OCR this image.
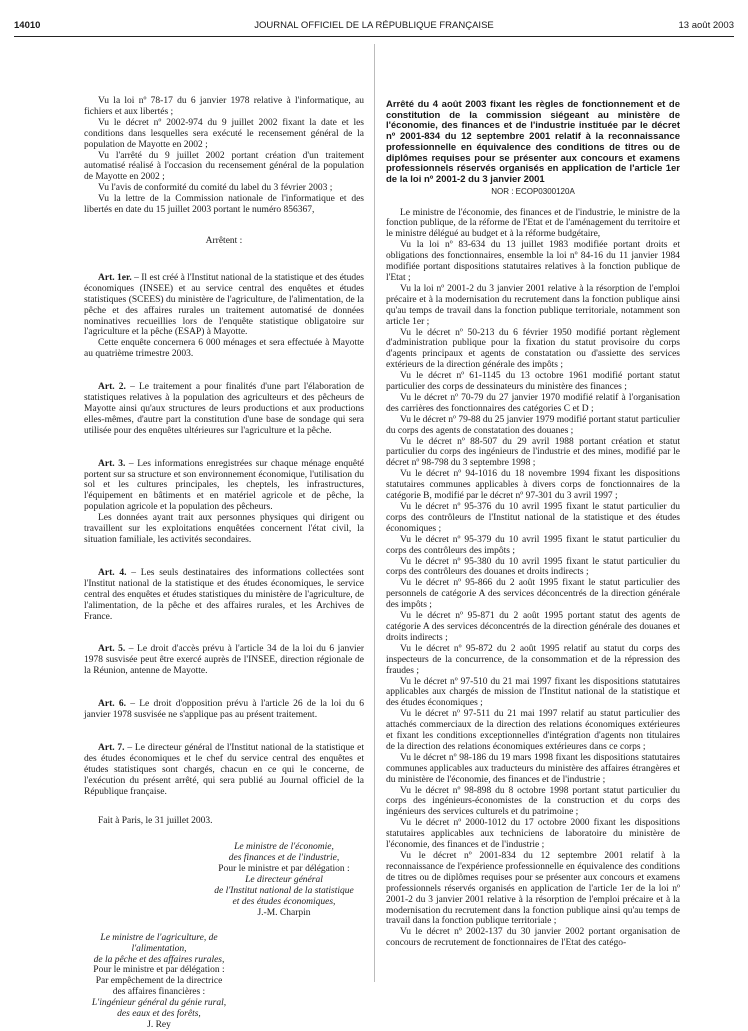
14010	JOURNAL OFFICIEL DE LA RÉPUBLIQUE FRANÇAISE	13 août 2003

Vu la loi nº 78-17 du 6 janvier 1978 relative à l'informatique, au fichiers et aux libertés ;

Vu le décret nº 2002-974 du 9 juillet 2002 fixant la date et les conditions dans lesquelles sera exécuté le recensement général de la population de Mayotte en 2002 ;

Vu l'arrêté du 9 juillet 2002 portant création d'un traitement automatisé réalisé à l'occasion du recensement général de la population de Mayotte en 2002 ;

Vu l'avis de conformité du comité du label du 3 février 2003 ;

Vu la lettre de la Commission nationale de l'informatique et des libertés en date du 15 juillet 2003 portant le numéro 856367,

Arrêtent :

Art. 1er. – Il est créé à l'Institut national de la statistique et des études économiques (INSEE) et au service central des enquêtes et études statistiques (SCEES) du ministère de l'agriculture, de l'alimentation, de la pêche et des affaires rurales un traitement automatisé de données nominatives recueillies lors de l'enquête statistique obligatoire sur l'agriculture et la pêche (ESAP) à Mayotte.

Cette enquête concernera 6 000 ménages et sera effectuée à Mayotte au quatrième trimestre 2003.

Art. 2. – Le traitement a pour finalités d'une part l'élaboration de statistiques relatives à la population des agriculteurs et des pêcheurs de Mayotte ainsi qu'aux structures de leurs productions et aux productions elles-mêmes, d'autre part la constitution d'une base de sondage qui sera utilisée pour des enquêtes ultérieures sur l'agriculture et la pêche.

Art. 3. – Les informations enregistrées sur chaque ménage enquêté portent sur sa structure et son environnement économique, l'utilisation du sol et les cultures principales, les cheptels, les infrastructures, l'équipement en bâtiments et en matériel agricole et de pêche, la population agricole et la population des pêcheurs.

Les données ayant trait aux personnes physiques qui dirigent ou travaillent sur les exploitations enquêtées concernent l'état civil, la situation familiale, les activités secondaires.

Art. 4. – Les seuls destinataires des informations collectées sont l'Institut national de la statistique et des études économiques, le service central des enquêtes et études statistiques du ministère de l'agriculture, de l'alimentation, de la pêche et des affaires rurales, et les Archives de France.

Art. 5. – Le droit d'accès prévu à l'article 34 de la loi du 6 janvier 1978 susvisée peut être exercé auprès de l'INSEE, direction régionale de la Réunion, antenne de Mayotte.

Art. 6. – Le droit d'opposition prévu à l'article 26 de la loi du 6 janvier 1978 susvisée ne s'applique pas au présent traitement.

Art. 7. – Le directeur général de l'Institut national de la statistique et des études économiques et le chef du service central des enquêtes et études statistiques sont chargés, chacun en ce qui le concerne, de l'exécution du présent arrêté, qui sera publié au Journal officiel de la République française.

Fait à Paris, le 31 juillet 2003.

Le ministre de l'économie,

des finances et de l'industrie,

Pour le ministre et par délégation :

Le directeur général

de l'Institut national de la statistique

et des études économiques,

J.-M. Charpin

Le ministre de l'agriculture, de l'alimentation,

de la pêche et des affaires rurales,

Pour le ministre et par délégation :

Par empêchement de la directrice

des affaires financières :

L'ingénieur général du génie rural,

des eaux et des forêts,

J. Rey

Arrêté du 4 août 2003 fixant les règles de fonctionnement et de constitution de la commission siégeant au ministère de l'économie, des finances et de l'industrie instituée par le décret nº 2001-834 du 12 septembre 2001 relatif à la reconnaissance professionnelle en équivalence des conditions de titres ou de diplômes requises pour se présenter aux concours et examens professionnels réservés organisés en application de l'article 1er de la loi nº 2001-2 du 3 janvier 2001

NOR : ECOP0300120A

Le ministre de l'économie, des finances et de l'industrie, le ministre de la fonction publique, de la réforme de l'Etat et de l'aménagement du territoire et le ministre délégué au budget et à la réforme budgétaire,

Vu la loi nº 83-634 du 13 juillet 1983 modifiée portant droits et obligations des fonctionnaires, ensemble la loi nº 84-16 du 11 janvier 1984 modifiée portant dispositions statutaires relatives à la fonction publique de l'Etat ;

Vu la loi nº 2001-2 du 3 janvier 2001 relative à la résorption de l'emploi précaire et à la modernisation du recrutement dans la fonction publique ainsi qu'au temps de travail dans la fonction publique territoriale, notamment son article 1er ;

Vu le décret nº 50-213 du 6 février 1950 modifié portant règlement d'administration publique pour la fixation du statut provisoire du corps d'agents principaux et agents de constatation ou d'assiette des services extérieurs de la direction générale des impôts ;

Vu le décret nº 61-1145 du 13 octobre 1961 modifié portant statut particulier des corps de dessinateurs du ministère des finances ;

Vu le décret nº 70-79 du 27 janvier 1970 modifié relatif à l'organisation des carrières des fonctionnaires des catégories C et D ;

Vu le décret nº 79-88 du 25 janvier 1979 modifié portant statut particulier du corps des agents de constatation des douanes ;

Vu le décret nº 88-507 du 29 avril 1988 portant création et statut particulier du corps des ingénieurs de l'industrie et des mines, modifié par le décret nº 98-798 du 3 septembre 1998 ;

Vu le décret nº 94-1016 du 18 novembre 1994 fixant les dispositions statutaires communes applicables à divers corps de fonctionnaires de la catégorie B, modifié par le décret nº 97-301 du 3 avril 1997 ;

Vu le décret nº 95-376 du 10 avril 1995 fixant le statut particulier du corps des contrôleurs de l'Institut national de la statistique et des études économiques ;

Vu le décret nº 95-379 du 10 avril 1995 fixant le statut particulier du corps des contrôleurs des impôts ;

Vu le décret nº 95-380 du 10 avril 1995 fixant le statut particulier du corps des contrôleurs des douanes et droits indirects ;

Vu le décret nº 95-866 du 2 août 1995 fixant le statut particulier des personnels de catégorie A des services déconcentrés de la direction générale des impôts ;

Vu le décret nº 95-871 du 2 août 1995 portant statut des agents de catégorie A des services déconcentrés de la direction générale des douanes et droits indirects ;

Vu le décret nº 95-872 du 2 août 1995 relatif au statut du corps des inspecteurs de la concurrence, de la consommation et de la répression des fraudes ;

Vu le décret nº 97-510 du 21 mai 1997 fixant les dispositions statutaires applicables aux chargés de mission de l'Institut national de la statistique et des études économiques ;

Vu le décret nº 97-511 du 21 mai 1997 relatif au statut particulier des attachés commerciaux de la direction des relations économiques extérieures et fixant les conditions exceptionnelles d'intégration d'agents non titulaires de la direction des relations économiques extérieures dans ce corps ;

Vu le décret nº 98-186 du 19 mars 1998 fixant les dispositions statutaires communes applicables aux traducteurs du ministère des affaires étrangères et du ministère de l'économie, des finances et de l'industrie ;

Vu le décret nº 98-898 du 8 octobre 1998 portant statut particulier du corps des ingénieurs-économistes de la construction et du corps des ingénieurs des services culturels et du patrimoine ;

Vu le décret nº 2000-1012 du 17 octobre 2000 fixant les dispositions statutaires applicables aux techniciens de laboratoire du ministère de l'économie, des finances et de l'industrie ;

Vu le décret nº 2001-834 du 12 septembre 2001 relatif à la reconnaissance de l'expérience professionnelle en équivalence des conditions de titres ou de diplômes requises pour se présenter aux concours et examens professionnels réservés organisés en application de l'article 1er de la loi nº 2001-2 du 3 janvier 2001 relative à la résorption de l'emploi précaire et à la modernisation du recrutement dans la fonction publique ainsi qu'au temps de travail dans la fonction publique territoriale ;

Vu le décret nº 2002-137 du 30 janvier 2002 portant organisation de concours de recrutement de fonctionnaires de l'Etat des catégo-
